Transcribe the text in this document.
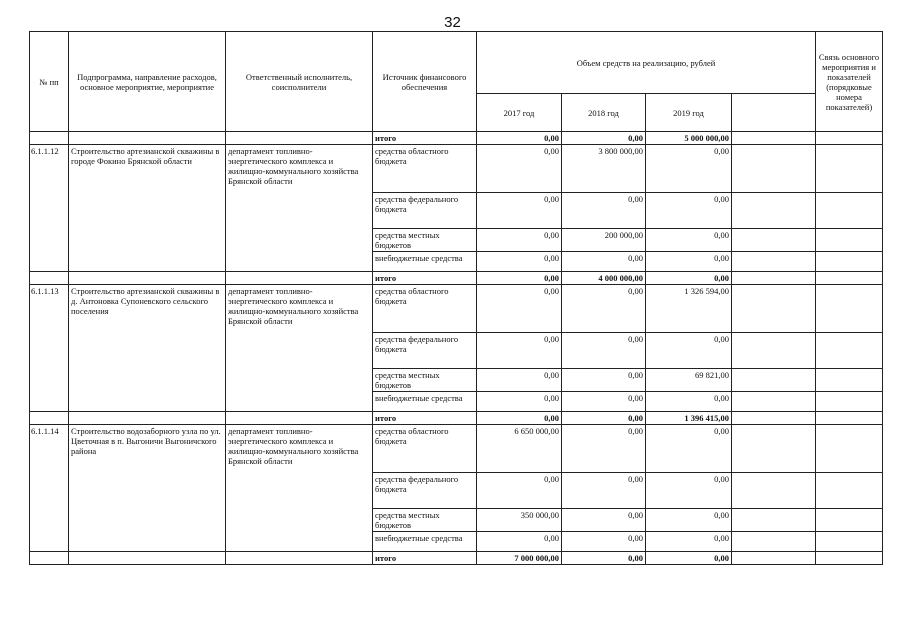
32
№ пп	Подпрограмма, направление расходов, основное мероприятие, мероприятие	Ответственный исполнитель, соисполнители	Источник финансового обеспечения	Объем средств на реализацию, рублей				Связь основного мероприятия и показателей (порядковые номера показателей)
				2017 год	2018 год	2019 год		
			итого	0,00	0,00	5 000 000,00		
6.1.1.12	Строительство артезианской скважины в городе Фокино Брянской области	департамент топливно-энергетического комплекса и жилищно-коммунального хозяйства Брянской области	средства областного бюджета	0,00	3 800 000,00	0,00		
			средства федерального бюджета	0,00	0,00	0,00		
			средства местных бюджетов	0,00	200 000,00	0,00		
			внебюджетные средства	0,00	0,00	0,00		
			итого	0,00	4 000 000,00	0,00		
6.1.1.13	Строительство артезианской скважины в д. Антоновка Супоневского сельского поселения	департамент топливно-энергетического комплекса и жилищно-коммунального хозяйства Брянской области	средства областного бюджета	0,00	0,00	1 326 594,00		
			средства федерального бюджета	0,00	0,00	0,00		
			средства местных бюджетов	0,00	0,00	69 821,00		
			внебюджетные средства	0,00	0,00	0,00		
			итого	0,00	0,00	1 396 415,00		
6.1.1.14	Строительство водозаборного узла по ул. Цветочная в п. Выгоничи Выгоничского района	департамент топливно-энергетического комплекса и жилищно-коммунального хозяйства Брянской области	средства областного бюджета	6 650 000,00	0,00	0,00		
			средства федерального бюджета	0,00	0,00	0,00		
			средства местных бюджетов	350 000,00	0,00	0,00		
			внебюджетные средства	0,00	0,00	0,00		
			итого	7 000 000,00	0,00	0,00		
